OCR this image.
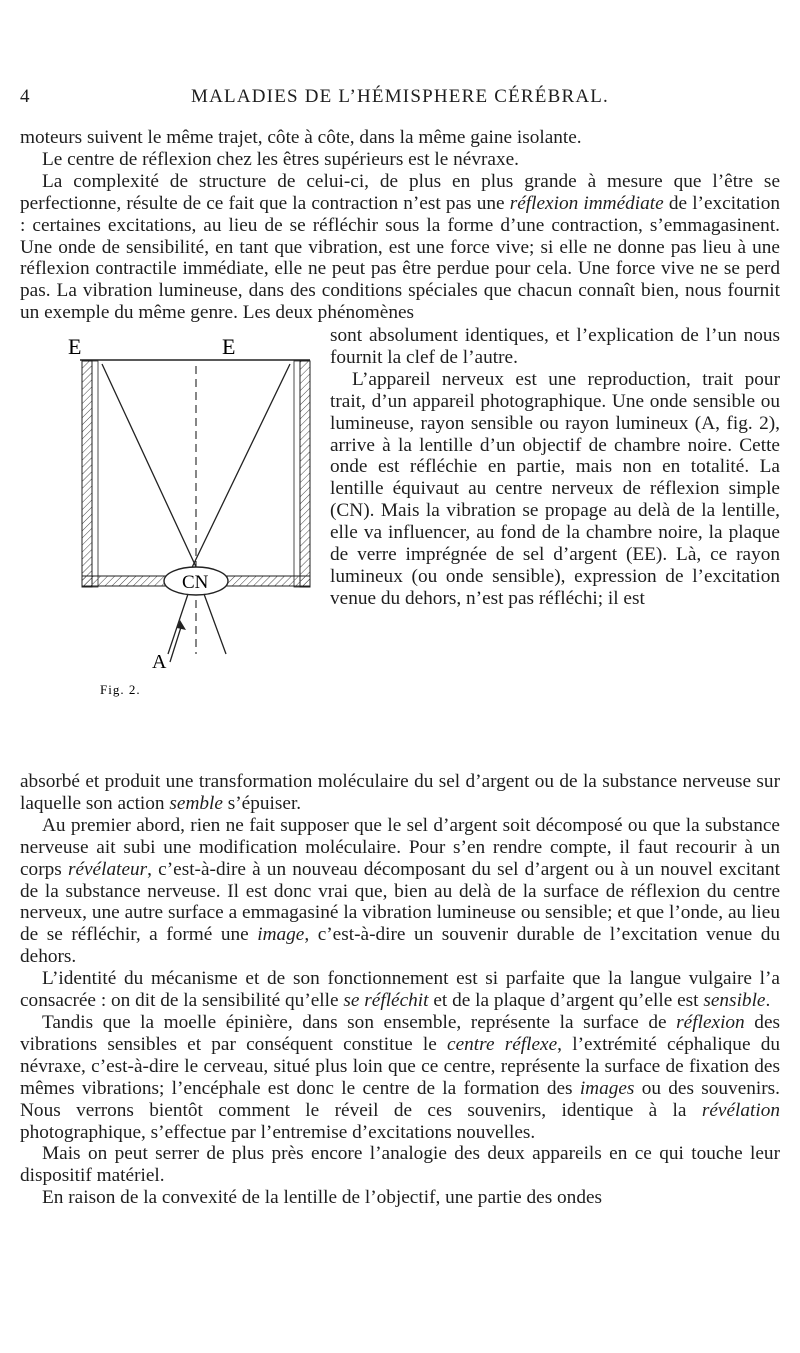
4	MALADIES DE L’HÉMISPHERE CÉRÉBRAL.

moteurs suivent le même trajet, côte à côte, dans la même gaine isolante.

Le centre de réflexion chez les êtres supérieurs est le névraxe.

La complexité de structure de celui-ci, de plus en plus grande à mesure que l’être se perfectionne, résulte de ce fait que la contraction n’est pas une réflexion immédiate de l’excitation : certaines excitations, au lieu de se réfléchir sous la forme d’une contraction, s’emmagasinent. Une onde de sensibilité, en tant que vibration, est une force vive; si elle ne donne pas lieu à une réflexion contractile immédiate, elle ne peut pas être perdue pour cela. Une force vive ne se perd pas. La vibration lumineuse, dans des conditions spéciales que chacun connaît bien, nous fournit un exemple du même genre. Les deux phénomènes

sont absolument identiques, et l’explication de l’un nous fournit la clef de l’autre.

L’appareil nerveux est une reproduction, trait pour trait, d’un appareil photographique. Une onde sensible ou lumineuse, rayon sensible ou rayon lumineux (A, fig. 2), arrive à la lentille d’un objectif de chambre noire. Cette onde est réfléchie en partie, mais non en totalité. La lentille équivaut au centre nerveux de réflexion simple (CN). Mais la vibration se propage au delà de la lentille, elle va influencer, au fond de la chambre noire, la plaque de verre imprégnée de sel d’argent (EE). Là, ce rayon lumineux (ou onde sensible), expression de l’excitation venue du dehors, n’est pas réfléchi; il est

E	E
CN
A
Fig. 2.

absorbé et produit une transformation moléculaire du sel d’argent ou de la substance nerveuse sur laquelle son action semble s’épuiser.

Au premier abord, rien ne fait supposer que le sel d’argent soit décomposé ou que la substance nerveuse ait subi une modification moléculaire. Pour s’en rendre compte, il faut recourir à un corps révélateur, c’est-à-dire à un nouveau décomposant du sel d’argent ou à un nouvel excitant de la substance nerveuse. Il est donc vrai que, bien au delà de la surface de réflexion du centre nerveux, une autre surface a emmagasiné la vibration lumineuse ou sensible; et que l’onde, au lieu de se réfléchir, a formé une image, c’est-à-dire un souvenir durable de l’excitation venue du dehors.

L’identité du mécanisme et de son fonctionnement est si parfaite que la langue vulgaire l’a consacrée : on dit de la sensibilité qu’elle se réfléchit et de la plaque d’argent qu’elle est sensible.

Tandis que la moelle épinière, dans son ensemble, représente la surface de réflexion des vibrations sensibles et par conséquent constitue le centre réflexe, l’extrémité céphalique du névraxe, c’est-à-dire le cerveau, situé plus loin que ce centre, représente la surface de fixation des mêmes vibrations; l’encéphale est donc le centre de la formation des images ou des souvenirs. Nous verrons bientôt comment le réveil de ces souvenirs, identique à la révélation photographique, s’effectue par l’entremise d’excitations nouvelles.

Mais on peut serrer de plus près encore l’analogie des deux appareils en ce qui touche leur dispositif matériel.

En raison de la convexité de la lentille de l’objectif, une partie des ondes
